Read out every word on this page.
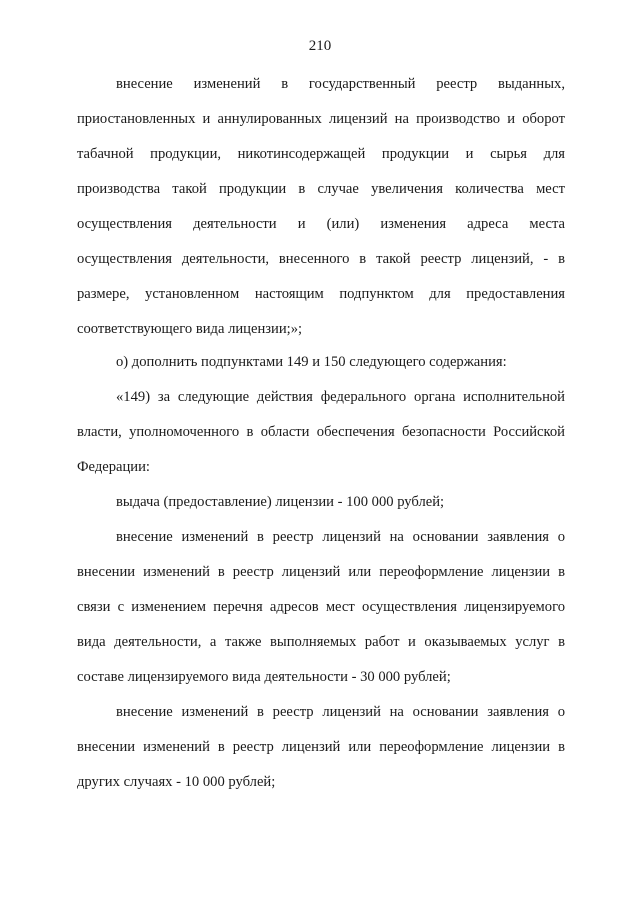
210
внесение изменений в государственный реестр выданных,
приостановленных и аннулированных лицензий на производство и оборот
табачной продукции, никотинсодержащей продукции и сырья для
производства такой продукции в случае увеличения количества мест
осуществления деятельности и (или) изменения адреса места
осуществления деятельности, внесенного в такой реестр лицензий, - в
размере, установленном настоящим подпунктом для предоставления
соответствующего вида лицензии;»;
о) дополнить подпунктами 149 и 150 следующего содержания:
«149) за следующие действия федерального органа исполнительной
власти, уполномоченного в области обеспечения безопасности Российской
Федерации:
выдача (предоставление) лицензии - 100 000 рублей;
внесение изменений в реестр лицензий на основании заявления о
внесении изменений в реестр лицензий или переоформление лицензии в
связи с изменением перечня адресов мест осуществления лицензируемого
вида деятельности, а также выполняемых работ и оказываемых услуг в
составе лицензируемого вида деятельности - 30 000 рублей;
внесение изменений в реестр лицензий на основании заявления о
внесении изменений в реестр лицензий или переоформление лицензии в
других случаях - 10 000 рублей;
